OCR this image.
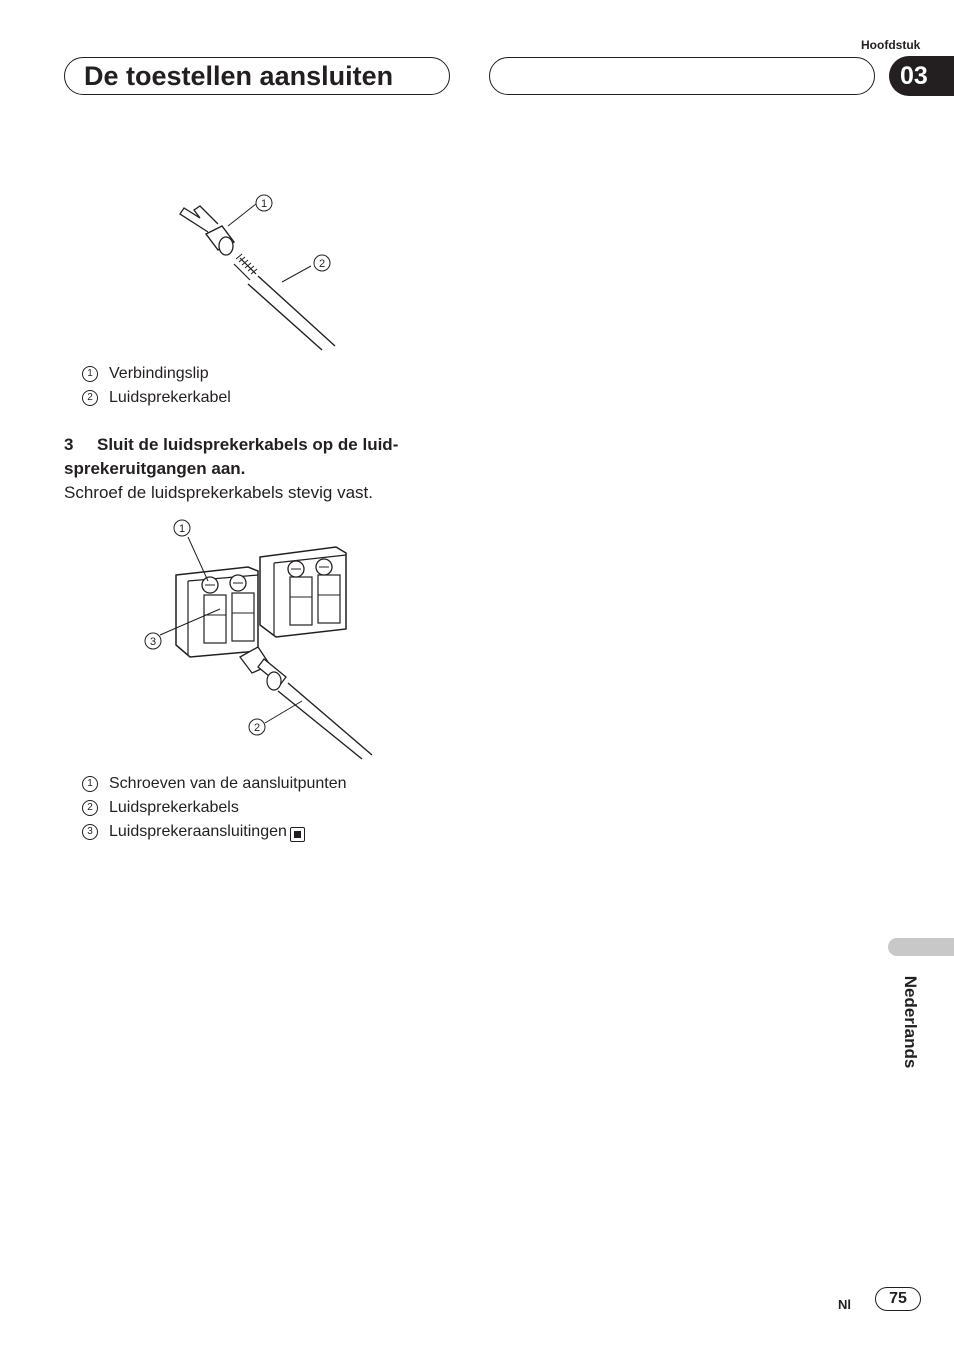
Hoofdstuk
De toestellen aansluiten	03
1
2
1	Verbindingslip
2	Luidsprekerkabel
3 Sluit de luidsprekerkabels op de luidsprekeruitgangen aan.
Schroef de luidsprekerkabels stevig vast.
1
3
2
1	Schroeven van de aansluitpunten
2	Luidsprekerkabels
3	Luidsprekeraansluitingen
Nederlands
Nl	75
